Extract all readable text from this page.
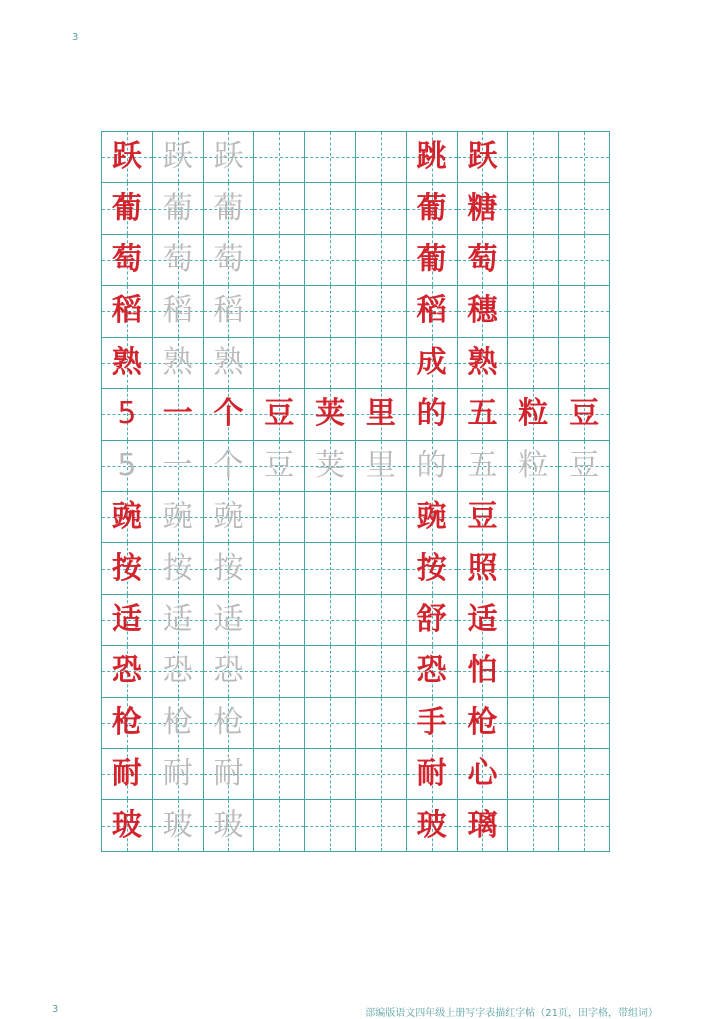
3
跃 跃 跃	跳 跃
葡 葡 葡	葡 糖
萄 萄 萄	葡 萄
稻 稻 稻	稻 穗
熟 熟 熟	成 熟
5 一 个 豆 荚 里 的 五 粒 豆
5 一 个 豆 荚 里 的 五 粒 豆
豌 豌 豌	豌 豆
按 按 按	按 照
适 适 适	舒 适
恐 恐 恐	恐 怕
枪 枪 枪	手 枪
耐 耐 耐	耐 心
玻 玻 玻	玻 璃
3	部编版语文四年级上册写字表描红字帖（21页，田字格，带组词）
